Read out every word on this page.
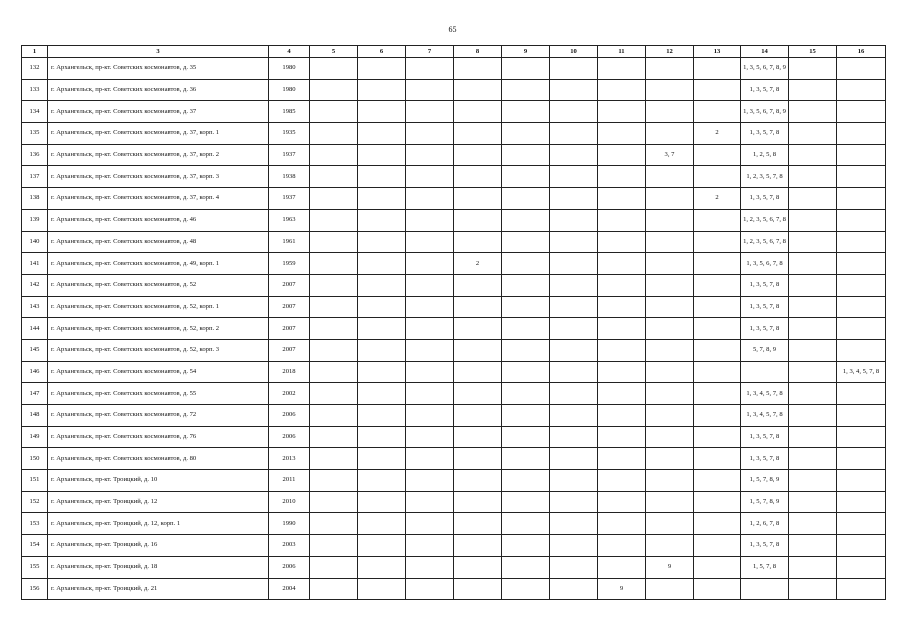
65
1	3	4	5	6	7	8	9	10	11	12	13	14	15	16
132	г. Архангельск, пр-кт. Советских космонавтов, д. 35	1980										1, 3, 5, 6, 7, 8, 9		
133	г. Архангельск, пр-кт. Советских космонавтов, д. 36	1980										1, 3, 5, 7, 8		
134	г. Архангельск, пр-кт. Советских космонавтов, д. 37	1985										1, 3, 5, 6, 7, 8, 9		
135	г. Архангельск, пр-кт. Советских космонавтов, д. 37, корп. 1	1935									2	1, 3, 5, 7, 8		
136	г. Архангельск, пр-кт. Советских космонавтов, д. 37, корп. 2	1937								3, 7		1, 2, 5, 8		
137	г. Архангельск, пр-кт. Советских космонавтов, д. 37, корп. 3	1938										1, 2, 3, 5, 7, 8		
138	г. Архангельск, пр-кт. Советских космонавтов, д. 37, корп. 4	1937									2	1, 3, 5, 7, 8		
139	г. Архангельск, пр-кт. Советских космонавтов, д. 46	1963										1, 2, 3, 5, 6, 7, 8		
140	г. Архангельск, пр-кт. Советских космонавтов, д. 48	1961										1, 2, 3, 5, 6, 7, 8		
141	г. Архангельск, пр-кт. Советских космонавтов, д. 49, корп. 1	1959				2						1, 3, 5, 6, 7, 8		
142	г. Архангельск, пр-кт. Советских космонавтов, д. 52	2007										1, 3, 5, 7, 8		
143	г. Архангельск, пр-кт. Советских космонавтов, д. 52, корп. 1	2007										1, 3, 5, 7, 8		
144	г. Архангельск, пр-кт. Советских космонавтов, д. 52, корп. 2	2007										1, 3, 5, 7, 8		
145	г. Архангельск, пр-кт. Советских космонавтов, д. 52, корп. 3	2007										5, 7, 8, 9		
146	г. Архангельск, пр-кт. Советских космонавтов, д. 54	2018												1, 3, 4, 5, 7, 8
147	г. Архангельск, пр-кт. Советских космонавтов, д. 55	2002										1, 3, 4, 5, 7, 8		
148	г. Архангельск, пр-кт. Советских космонавтов, д. 72	2006										1, 3, 4, 5, 7, 8		
149	г. Архангельск, пр-кт. Советских космонавтов, д. 76	2006										1, 3, 5, 7, 8		
150	г. Архангельск, пр-кт. Советских космонавтов, д. 80	2013										1, 3, 5, 7, 8		
151	г. Архангельск, пр-кт. Троицкий, д. 10	2011										1, 5, 7, 8, 9		
152	г. Архангельск, пр-кт. Троицкий, д. 12	2010										1, 5, 7, 8, 9		
153	г. Архангельск, пр-кт. Троицкий, д. 12, корп. 1	1990										1, 2, 6, 7, 8		
154	г. Архангельск, пр-кт. Троицкий, д. 16	2003										1, 3, 5, 7, 8		
155	г. Архангельск, пр-кт. Троицкий, д. 18	2006								9		1, 5, 7, 8		
156	г. Архангельск, пр-кт. Троицкий, д. 21	2004							9					
